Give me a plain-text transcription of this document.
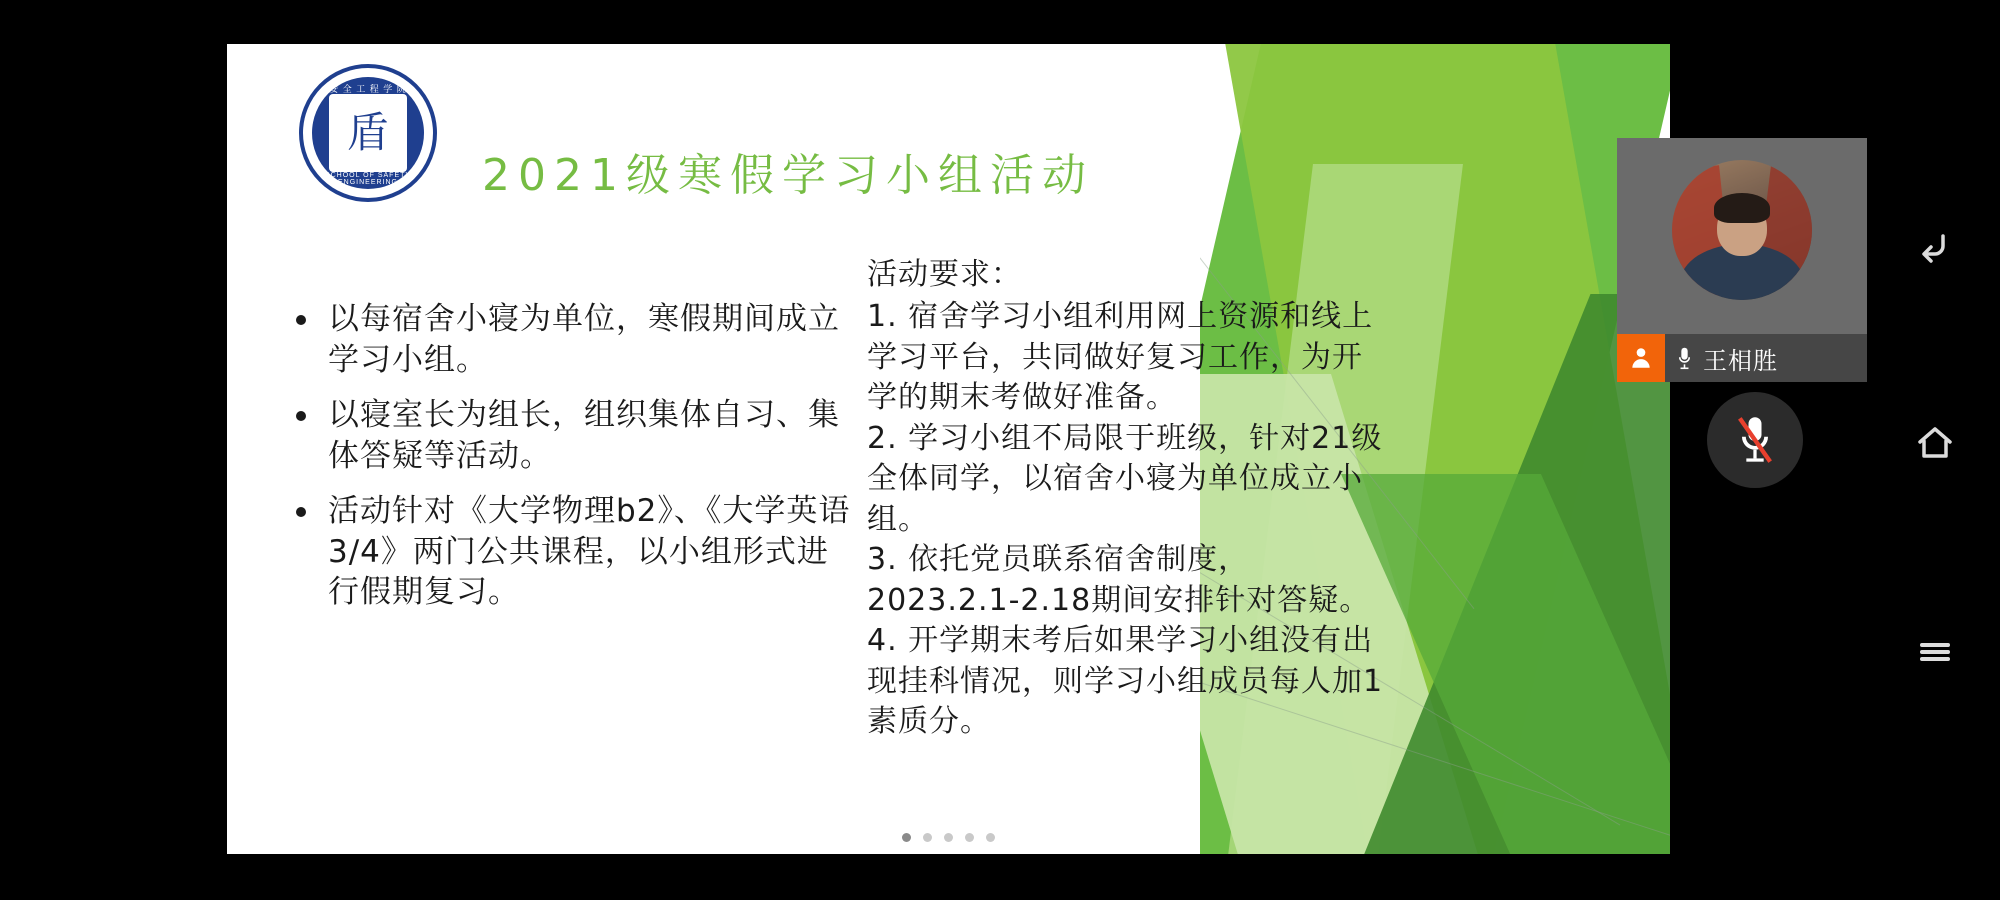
安 全 工 程 学 院
盾
SCHOOL OF SAFETY ENGINEERING	2021级寒假学习小组活动
以每宿舍小寝为单位，寒假期间成立学习小组。
以寝室长为组长，组织集体自习、集体答疑等活动。
活动针对《大学物理b2》、《大学英语3/4》两门公共课程，以小组形式进行假期复习。
活动要求：
1. 宿舍学习小组利用网上资源和线上学习平台，共同做好复习工作，为开学的期末考做好准备。
2. 学习小组不局限于班级，针对21级全体同学，以宿舍小寝为单位成立小组。
3. 依托党员联系宿舍制度，2023.2.1-2.18期间安排针对答疑。
4. 开学期末考后如果学习小组没有出现挂科情况，则学习小组成员每人加1素质分。
王相胜
